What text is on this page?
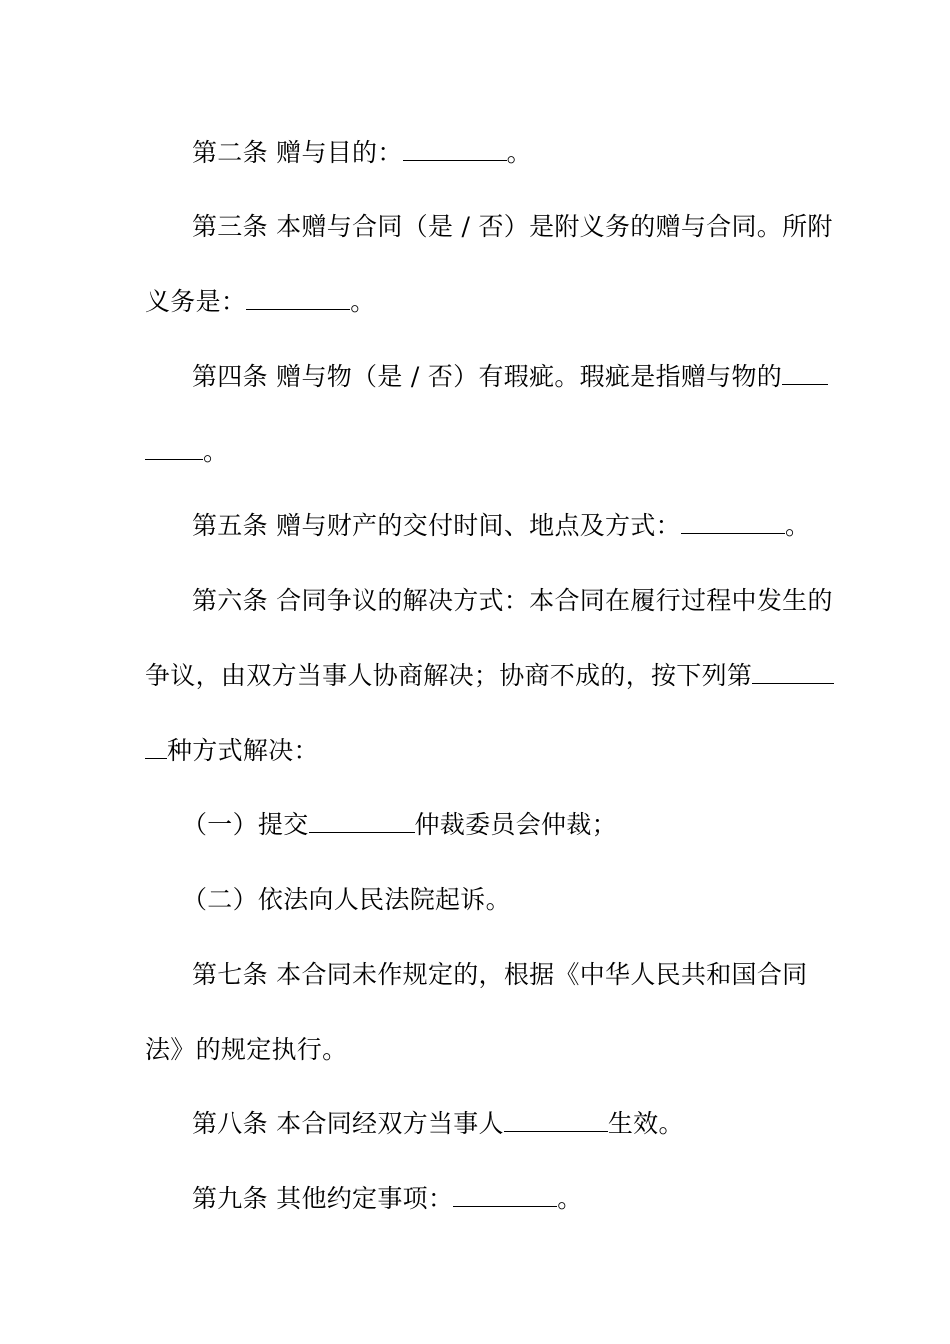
第二条 赠与目的：	。
第三条 本赠与合同（是 / 否）是附义务的赠与合同。所附
义务是：	。
第四条 赠与物（是 / 否）有瑕疵。瑕疵是指赠与物的
。
第五条 赠与财产的交付时间、地点及方式：	。
第六条 合同争议的解决方式：本合同在履行过程中发生的
争议，由双方当事人协商解决；协商不成的，按下列第
种方式解决：
（一）提交	仲裁委员会仲裁；
（二）依法向人民法院起诉。
第七条 本合同未作规定的，根据《中华人民共和国合同
法》的规定执行。
第八条 本合同经双方当事人	生效。
第九条 其他约定事项：	。
